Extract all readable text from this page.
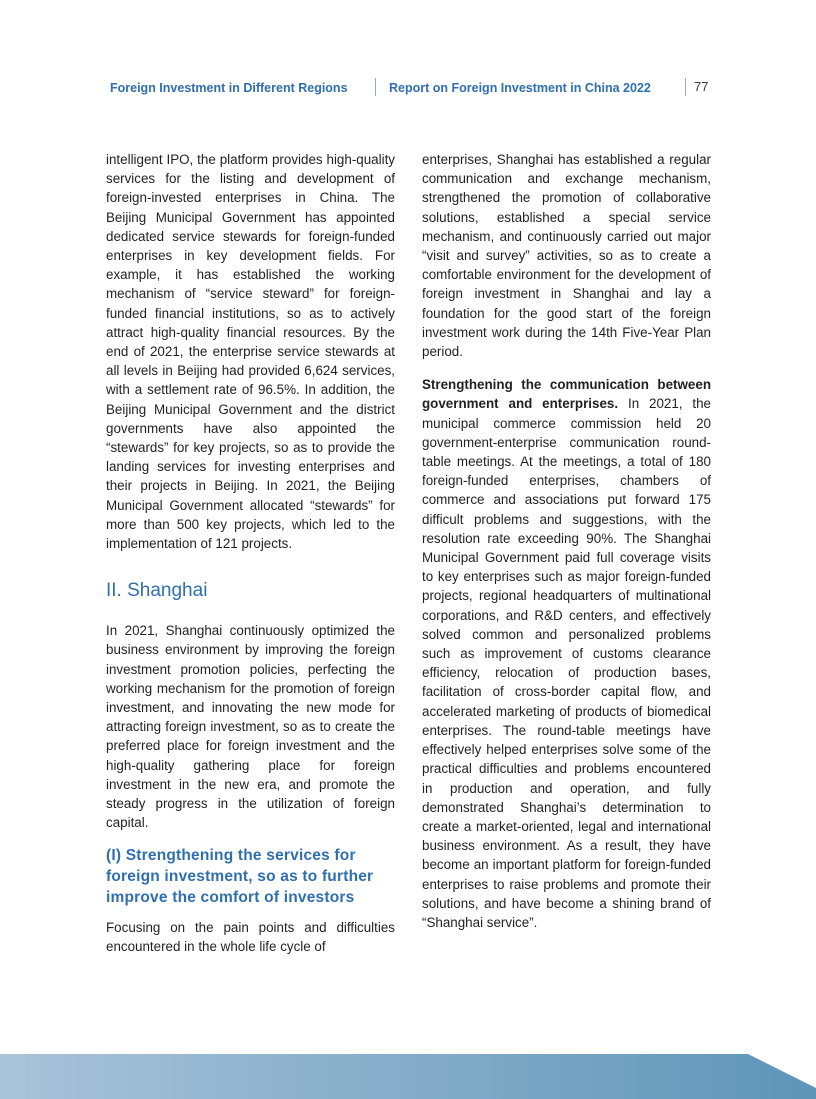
Foreign Investment in Different Regions	Report on Foreign Investment in China 2022	77

intelligent IPO, the platform provides high-quality services for the listing and development of foreign-invested enterprises in China. The Beijing Municipal Government has appointed dedicated service stewards for foreign-funded enterprises in key development fields. For example, it has established the working mechanism of “service steward” for foreign-funded financial institutions, so as to actively attract high-quality financial resources. By the end of 2021, the enterprise service stewards at all levels in Beijing had provided 6,624 services, with a settlement rate of 96.5%. In addition, the Beijing Municipal Government and the district governments have also appointed the “stewards” for key projects, so as to provide the landing services for investing enterprises and their projects in Beijing. In 2021, the Beijing Municipal Government allocated “stewards” for more than 500 key projects, which led to the implementation of 121 projects.

II. Shanghai

In 2021, Shanghai continuously optimized the business environment by improving the foreign investment promotion policies, perfecting the working mechanism for the promotion of foreign investment, and innovating the new mode for attracting foreign investment, so as to create the preferred place for foreign investment and the high-quality gathering place for foreign investment in the new era, and promote the steady progress in the utilization of foreign capital.

(I) Strengthening the services for foreign investment, so as to further improve the comfort of investors

Focusing on the pain points and difficulties encountered in the whole life cycle of

enterprises, Shanghai has established a regular communication and exchange mechanism, strengthened the promotion of collaborative solutions, established a special service mechanism, and continuously carried out major “visit and survey” activities, so as to create a comfortable environment for the development of foreign investment in Shanghai and lay a foundation for the good start of the foreign investment work during the 14th Five-Year Plan period.

Strengthening the communication between government and enterprises. In 2021, the municipal commerce commission held 20 government-enterprise communication round-table meetings. At the meetings, a total of 180 foreign-funded enterprises, chambers of commerce and associations put forward 175 difficult problems and suggestions, with the resolution rate exceeding 90%. The Shanghai Municipal Government paid full coverage visits to key enterprises such as major foreign-funded projects, regional headquarters of multinational corporations, and R&D centers, and effectively solved common and personalized problems such as improvement of customs clearance efficiency, relocation of production bases, facilitation of cross-border capital flow, and accelerated marketing of products of biomedical enterprises. The round-table meetings have effectively helped enterprises solve some of the practical difficulties and problems encountered in production and operation, and fully demonstrated Shanghai’s determination to create a market-oriented, legal and international business environment. As a result, they have become an important platform for foreign-funded enterprises to raise problems and promote their solutions, and have become a shining brand of “Shanghai service”.
